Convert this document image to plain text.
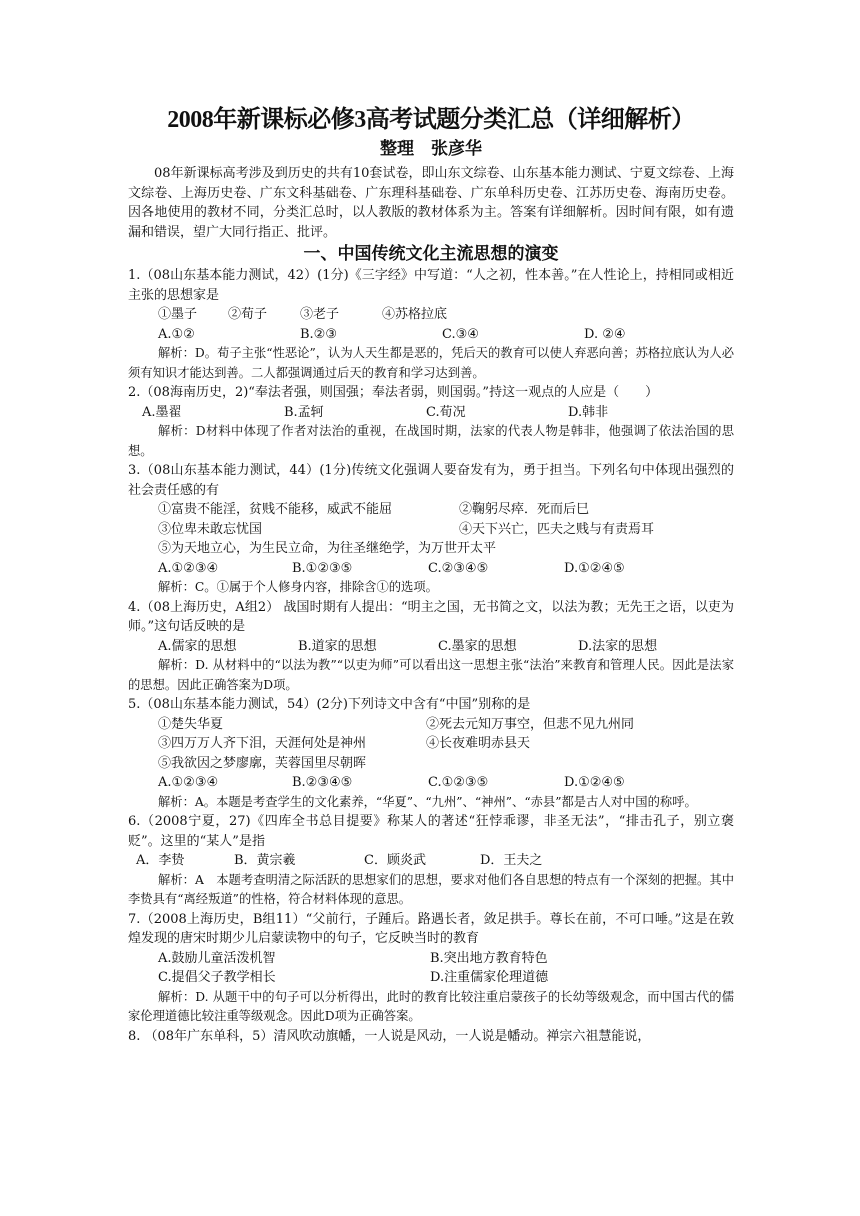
2008年新课标必修3高考试题分类汇总（详细解析）

整理　张彦华

08年新课标高考涉及到历史的共有10套试卷，即山东文综卷、山东基本能力测试、宁夏文综卷、上海文综卷、上海历史卷、广东文科基础卷、广东理科基础卷、广东单科历史卷、江苏历史卷、海南历史卷。因各地使用的教材不同，分类汇总时，以人教版的教材体系为主。答案有详细解析。因时间有限，如有遗漏和错误，望广大同行指正、批评。

一、中国传统文化主流思想的演变

1.（08山东基本能力测试，42）(1分)《三字经》中写道：“人之初，性本善。”在人性论上，持相同或相近主张的思想家是

①墨子	②荀子	③老子	④苏格拉底
A.①②	B.②③	C.③④	D. ②④

解析：D。荀子主张“性恶论”，认为人天生都是恶的，凭后天的教育可以使人弃恶向善；苏格拉底认为人必须有知识才能达到善。二人都强调通过后天的教育和学习达到善。

2.（08海南历史，2)“奉法者强，则国强；奉法者弱，则国弱。”持这一观点的人应是（　　）

A.墨翟	B.孟轲	C.荀况	D.韩非

解析：D材料中体现了作者对法治的重视，在战国时期，法家的代表人物是韩非，他强调了依法治国的思想。

3.（08山东基本能力测试，44）(1分)传统文化强调人要奋发有为，勇于担当。下列名句中体现出强烈的社会责任感的有

①富贵不能淫，贫贱不能移，威武不能屈	②鞠躬尽瘁．死而后巳
③位卑未敢忘忧国	④天下兴亡，匹夫之贱与有责焉耳
⑤为天地立心，为生民立命，为往圣继绝学，为万世开太平
A.①②③④	B.①②③⑤	C.②③④⑤	D.①②④⑤

解析：C。①属于个人修身内容，排除含①的选项。

4.（08上海历史，A组2） 战国时期有人提出：“明主之国，无书简之文，以法为教；无先王之语，以吏为师。”这句话反映的是

A.儒家的思想	B.道家的思想	C.墨家的思想	D.法家的思想

解析：D. 从材料中的“以法为教”“以吏为师”可以看出这一思想主张“法治”来教育和管理人民。因此是法家的思想。因此正确答案为D项。

5.（08山东基本能力测试，54）(2分)下列诗文中含有“中国”别称的是

①楚失华夏	②死去元知万事空，但悲不见九州同
③四万万人齐下泪，天涯何处是神州	④长夜难明赤县天
⑤我欲因之梦廖廓，芙蓉国里尽朝晖
A.①②③④	B.②③④⑤	C.①②③⑤	D.①②④⑤

解析：A。本题是考查学生的文化素养，“华夏”、“九州”、“神州”、“赤县”都是古人对中国的称呼。

6.（2008宁夏，27)《四库全书总目提要》称某人的著述“狂悖乖谬，非圣无法”，“排击孔子，别立褒贬”。这里的“某人”是指

A．李贽	B．黄宗羲	C．顾炎武	D．王夫之

解析：A　本题考查明清之际活跃的思想家们的思想，要求对他们各自思想的特点有一个深刻的把握。其中李贽具有“离经叛道”的性格，符合材料体现的意思。

7.（2008上海历史，B组11）“父前行，子踵后。路遇长者，敛足拱手。尊长在前，不可口唾。”这是在敦煌发现的唐宋时期少儿启蒙读物中的句子，它反映当时的教育

A.鼓励儿童活泼机智	B.突出地方教育特色
C.提倡父子教学相长	D.注重儒家伦理道德

解析：D. 从题干中的句子可以分析得出，此时的教育比较注重启蒙孩子的长幼等级观念，而中国古代的儒家伦理道德比较注重等级观念。因此D项为正确答案。

8. （08年广东单科，5）清风吹动旗幡，一人说是风动，一人说是幡动。禅宗六祖慧能说，
